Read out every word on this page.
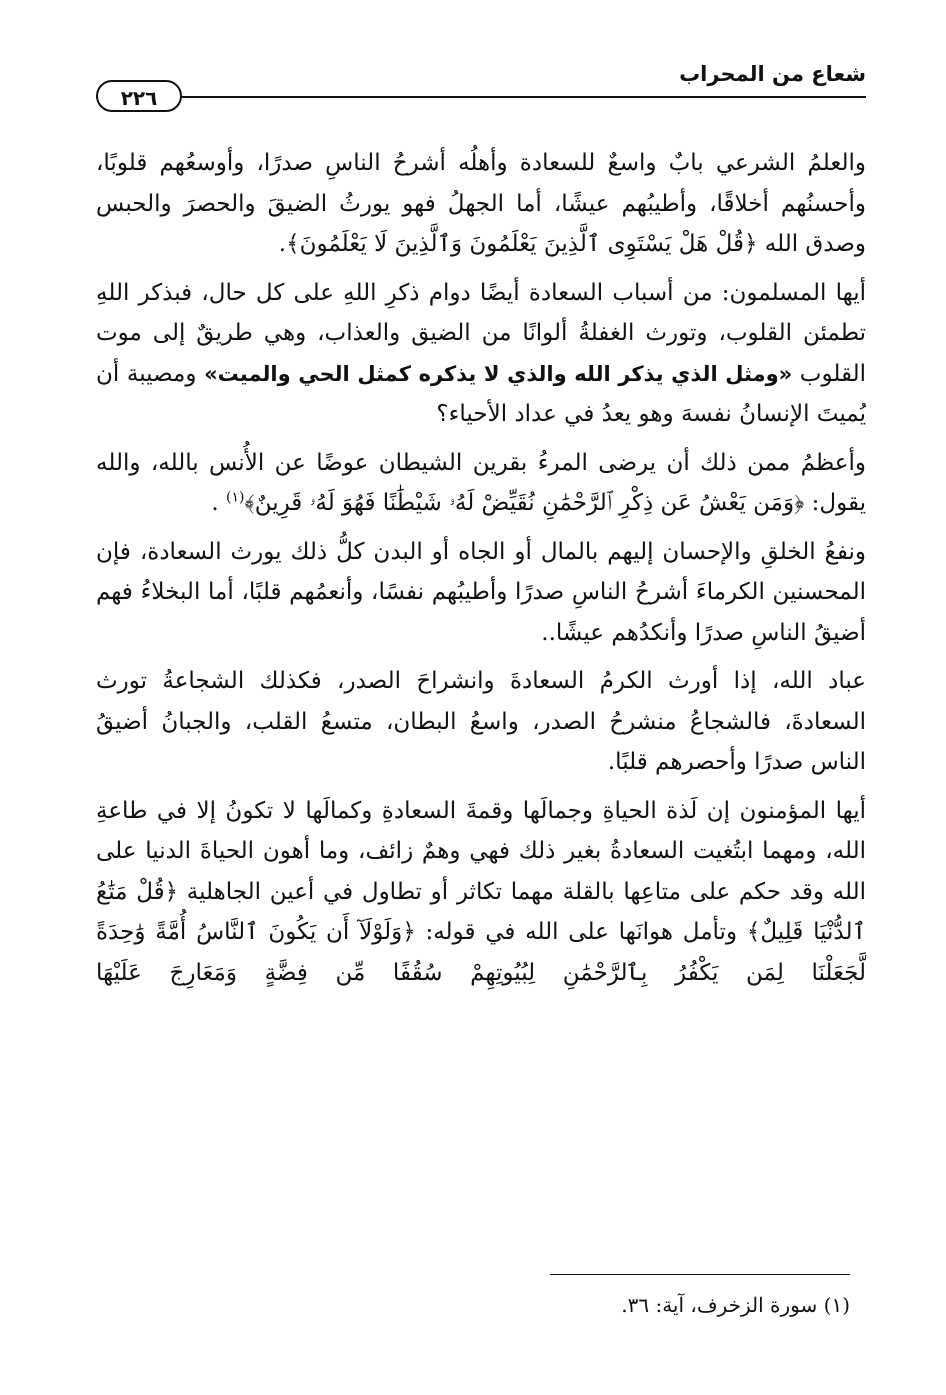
شعاع من المحراب
٢٢٦

والعلمُ الشرعي بابٌ واسعٌ للسعادة وأهلُه أشرحُ الناسِ صدرًا، وأوسعُهم قلوبًا، وأحسنُهم أخلاقًا، وأطيبُهم عيشًا، أما الجهلُ فهو يورثُ الضيقَ والحصرَ والحبس وصدق الله ﴿قُلْ هَلْ يَسْتَوِى ٱلَّذِينَ يَعْلَمُونَ وَٱلَّذِينَ لَا يَعْلَمُونَ﴾.

أيها المسلمون: من أسباب السعادة أيضًا دوام ذكرِ اللهِ على كل حال، فبذكر اللهِ تطمئن القلوب، وتورث الغفلةُ ألوانًا من الضيق والعذاب، وهي طريقٌ إلى موت القلوب «ومثل الذي يذكر الله والذي لا يذكره كمثل الحي والميت» ومصيبة أن يُميتَ الإنسانُ نفسهَ وهو يعدُ في عداد الأحياء؟

وأعظمُ ممن ذلك أن يرضى المرءُ بقرين الشيطان عوضًا عن الأُنس بالله، والله يقول: ﴿وَمَن يَعْشُ عَن ذِكْرِ ٱلرَّحْمَٰنِ نُقَيِّضْ لَهُۥ شَيْطَٰنًا فَهُوَ لَهُۥ قَرِينٌ﴾$^{(١)}$ .

ونفعُ الخلقِ والإحسان إليهم بالمال أو الجاه أو البدن كلُّ ذلك يورث السعادة، فإن المحسنين الكرماءَ أشرحُ الناسِ صدرًا وأطيبُهم نفسًا، وأنعمُهم قلبًا، أما البخلاءُ فهم أضيقُ الناسِ صدرًا وأنكدُهم عيشًا..

عباد الله، إذا أورث الكرمُ السعادةَ وانشراحَ الصدر، فكذلك الشجاعةُ تورث السعادةَ، فالشجاعُ منشرحُ الصدر، واسعُ البطان، متسعُ القلب، والجبانُ أضيقُ الناس صدرًا وأحصرهم قلبًا.

أيها المؤمنون إن لَذة الحياةِ وجمالَها وقمةَ السعادةِ وكمالَها لا تكونُ إلا في طاعةِ الله، ومهما ابتُغيت السعادةُ بغير ذلك فهي وهمٌ زائف، وما أهون الحياةَ الدنيا على الله وقد حكم على متاعِها بالقلة مهما تكاثر أو تطاول في أعين الجاهلية ﴿قُلْ مَتَٰعُ ٱلدُّنْيَا قَلِيلٌ﴾ وتأمل هوانَها على الله في قوله: ﴿وَلَوْلَآ أَن يَكُونَ ٱلنَّاسُ أُمَّةً وَٰحِدَةً لَّجَعَلْنَا لِمَن يَكْفُرُ بِٱلرَّحْمَٰنِ لِبُيُوتِهِمْ سُقُفًا مِّن فِضَّةٍ وَمَعَارِجَ عَلَيْهَا

(١) سورة الزخرف، آية: ٣٦.
